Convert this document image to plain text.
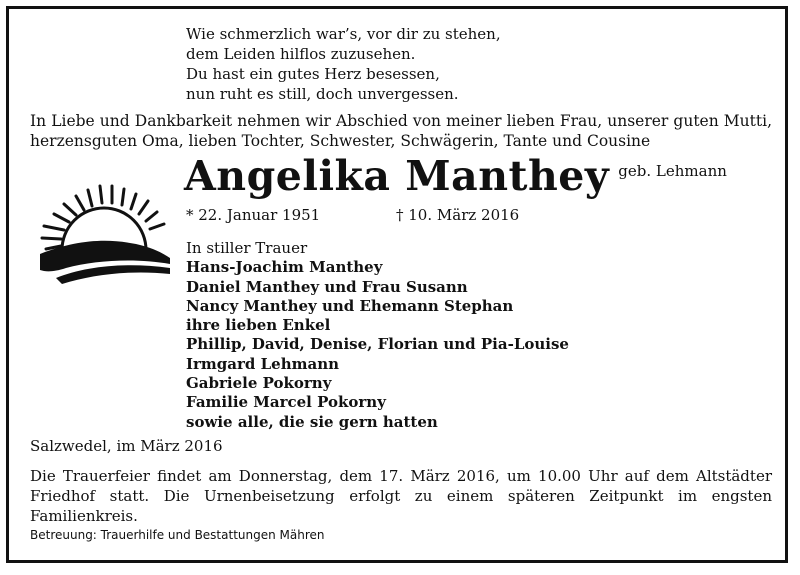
Wie schmerzlich war’s, vor dir zu stehen,
dem Leiden hilflos zuzusehen.
Du hast ein gutes Herz besessen,
nun ruht es still, doch unvergessen.
In Liebe und Dankbarkeit nehmen wir Abschied von meiner lieben Frau, unserer guten Mutti, herzensguten Oma, lieben Tochter, Schwester, Schwägerin, Tante und Cousine
Angelika Manthey geb. Lehmann
* 22. Januar 1951	† 10. März 2016
In stiller Trauer
Hans-Joachim Manthey
Daniel Manthey und Frau Susann
Nancy Manthey und Ehemann Stephan
ihre lieben Enkel
Phillip, David, Denise, Florian und Pia-Louise
Irmgard Lehmann
Gabriele Pokorny
Familie Marcel Pokorny
sowie alle, die sie gern hatten
Salzwedel, im März 2016
Die Trauerfeier findet am Donnerstag, dem 17. März 2016, um 10.00 Uhr auf dem Altstädter Friedhof statt. Die Urnenbeisetzung erfolgt zu einem späteren Zeitpunkt im engsten Familienkreis.
Betreuung: Trauerhilfe und Bestattungen Mähren
